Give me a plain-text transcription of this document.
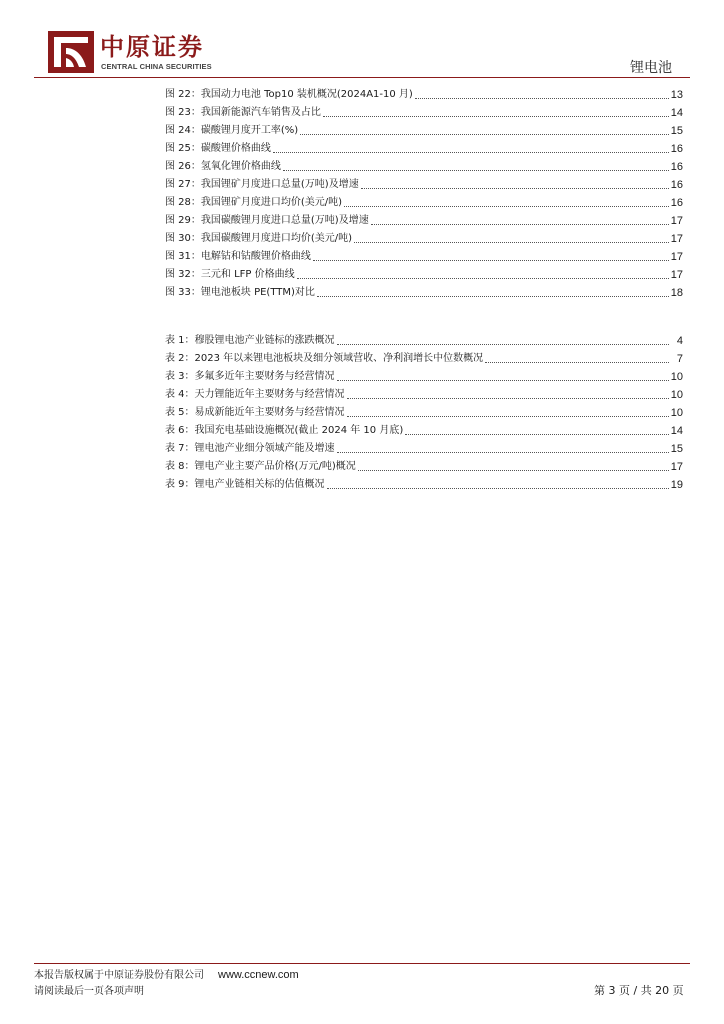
中原证券
CENTRAL CHINA SECURITIES	锂电池
图 22：我国动力电池 Top10 装机概况(2024A1-10 月)	13
图 23：我国新能源汽车销售及占比	14
图 24：碳酸锂月度开工率(%)	15
图 25：碳酸锂价格曲线	16
图 26：氢氧化锂价格曲线	16
图 27：我国锂矿月度进口总量(万吨)及增速	16
图 28：我国锂矿月度进口均价(美元/吨)	16
图 29：我国碳酸锂月度进口总量(万吨)及增速	17
图 30：我国碳酸锂月度进口均价(美元/吨)	17
图 31：电解钴和钴酸锂价格曲线	17
图 32：三元和 LFP 价格曲线	17
图 33：锂电池板块 PE(TTM)对比	18
表 1：穆股锂电池产业链标的涨跌概况	4
表 2：2023 年以来锂电池板块及细分领域营收、净利润增长中位数概况	7
表 3：多氟多近年主要财务与经营情况	10
表 4：天力锂能近年主要财务与经营情况	10
表 5：易成新能近年主要财务与经营情况	10
表 6：我国充电基础设施概况(截止 2024 年 10 月底)	14
表 7：锂电池产业细分领域产能及增速	15
表 8：锂电产业主要产品价格(万元/吨)概况	17
表 9：锂电产业链相关标的估值概况	19
本报告版权属于中原证券股份有限公司 www.ccnew.com
请阅读最后一页各项声明	第 3 页 / 共 20 页
